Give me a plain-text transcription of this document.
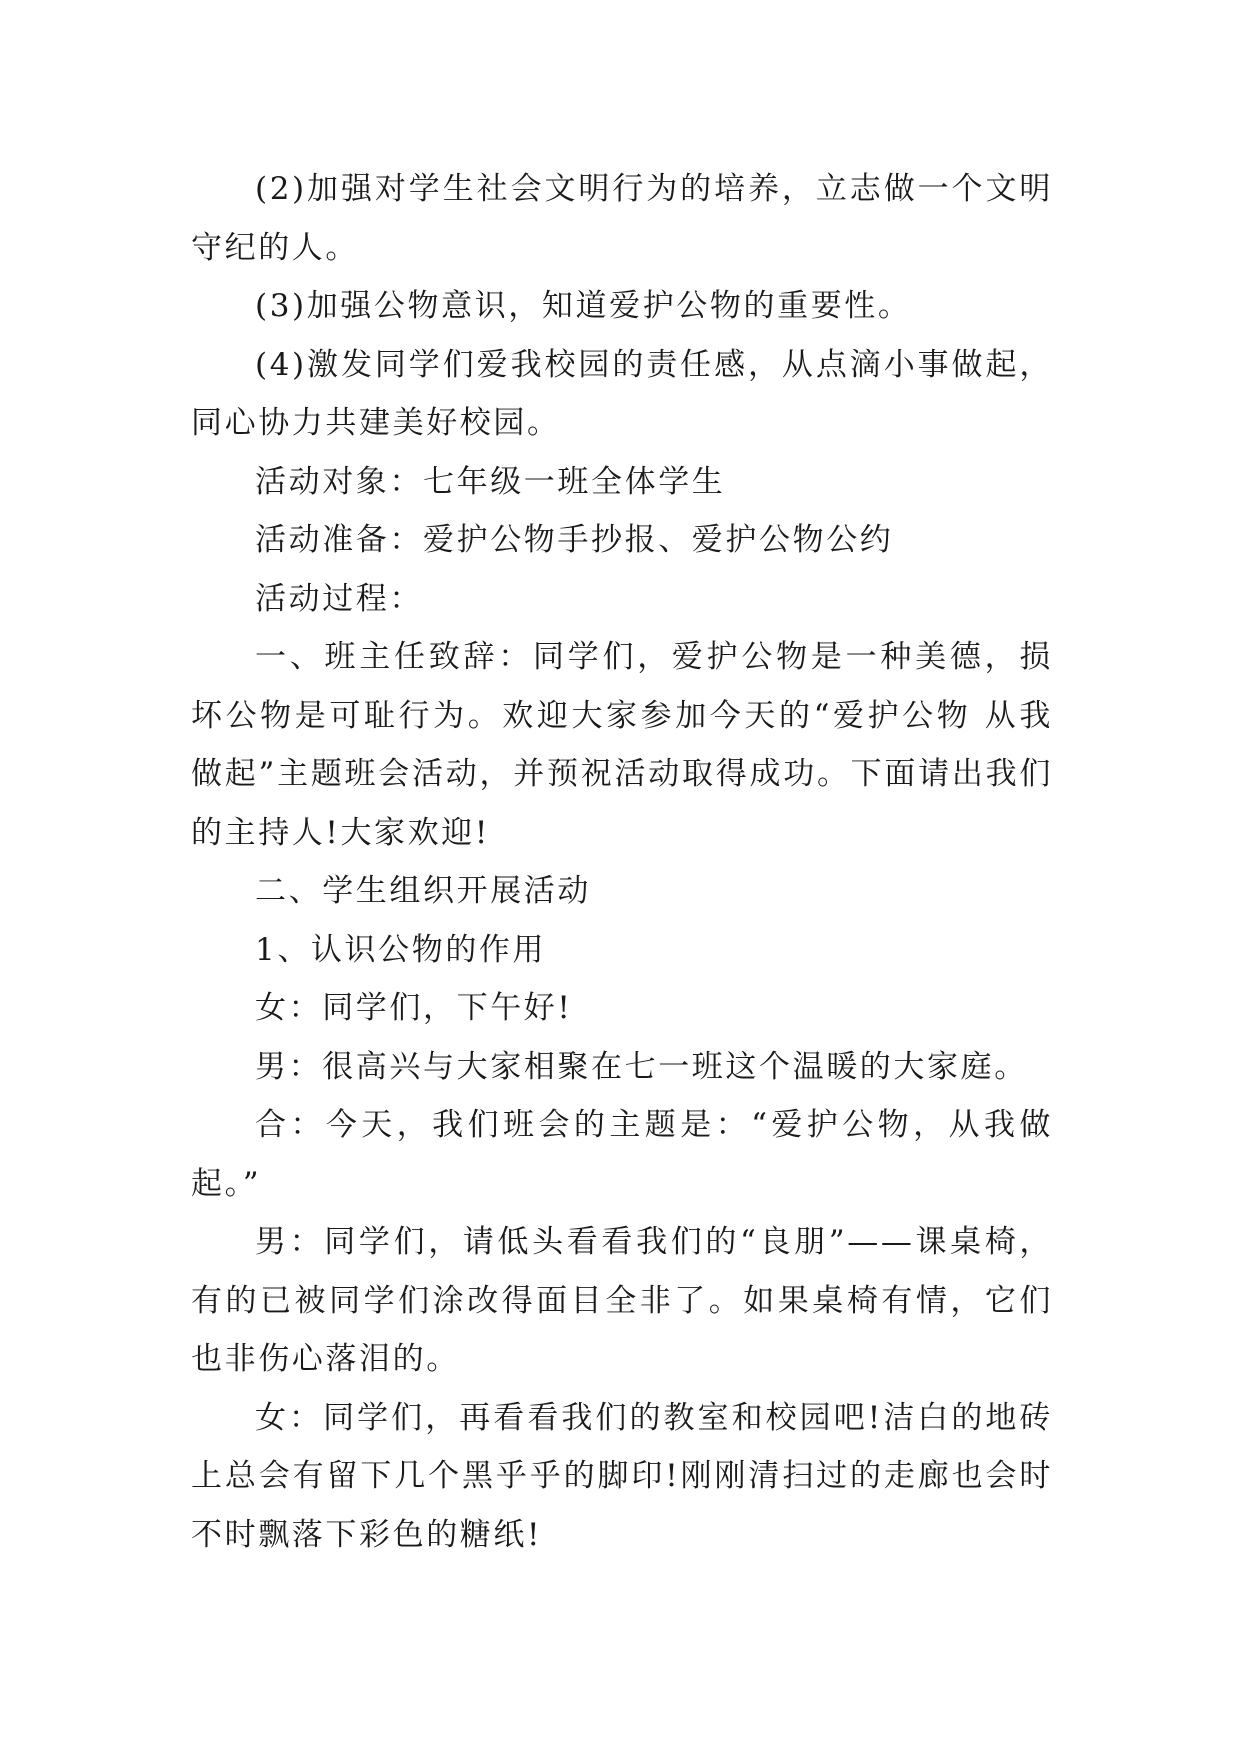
(2)加强对学生社会文明行为的培养，立志做一个文明守纪的人。

(3)加强公物意识，知道爱护公物的重要性。

(4)激发同学们爱我校园的责任感，从点滴小事做起，同心协力共建美好校园。

活动对象：七年级一班全体学生

活动准备：爱护公物手抄报、爱护公物公约

活动过程：

一、班主任致辞：同学们，爱护公物是一种美德，损坏公物是可耻行为。欢迎大家参加今天的“爱护公物 从我做起”主题班会活动，并预祝活动取得成功。下面请出我们的主持人!大家欢迎!

二、学生组织开展活动

1、认识公物的作用

女：同学们，下午好!

男：很高兴与大家相聚在七一班这个温暖的大家庭。

合：今天，我们班会的主题是：“爱护公物，从我做起。”

男：同学们，请低头看看我们的“良朋”——课桌椅，有的已被同学们涂改得面目全非了。如果桌椅有情，它们也非伤心落泪的。

女：同学们，再看看我们的教室和校园吧!洁白的地砖上总会有留下几个黑乎乎的脚印!刚刚清扫过的走廊也会时不时飘落下彩色的糖纸!
